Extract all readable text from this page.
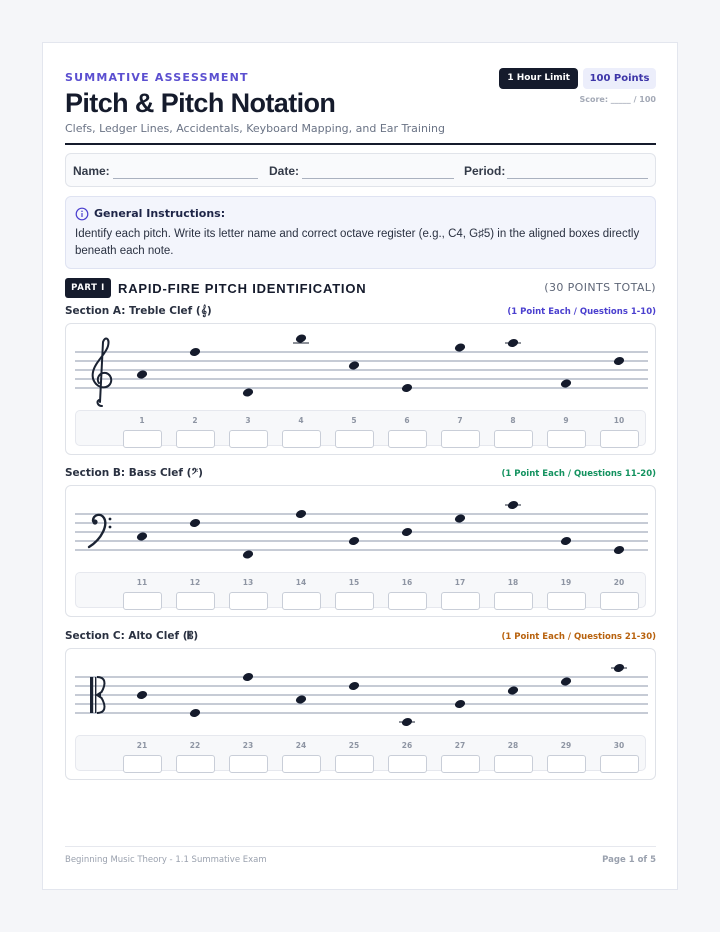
SUMMATIVE ASSESSMENT
Pitch & Pitch Notation
Clefs, Ledger Lines, Accidentals, Keyboard Mapping, and Ear Training
1 Hour Limit	100 Points
Score: _____ / 100
Name:	Date:	Period:
General Instructions:
Identify each pitch. Write its letter name and correct octave register (e.g., C4, G♯5) in the aligned boxes directly beneath each note.
PART I	RAPID-FIRE PITCH IDENTIFICATION	(30 POINTS TOTAL)
Section A: Treble Clef (𝄞)	(1 Point Each / Questions 1-10)
1	2	3	4	5	6	7	8	9	10
Section B: Bass Clef (𝄢)	(1 Point Each / Questions 11-20)
11	12	13	14	15	16	17	18	19	20
Section C: Alto Clef (𝄡)	(1 Point Each / Questions 21-30)
21	22	23	24	25	26	27	28	29	30
Beginning Music Theory - 1.1 Summative Exam	Page 1 of 5
